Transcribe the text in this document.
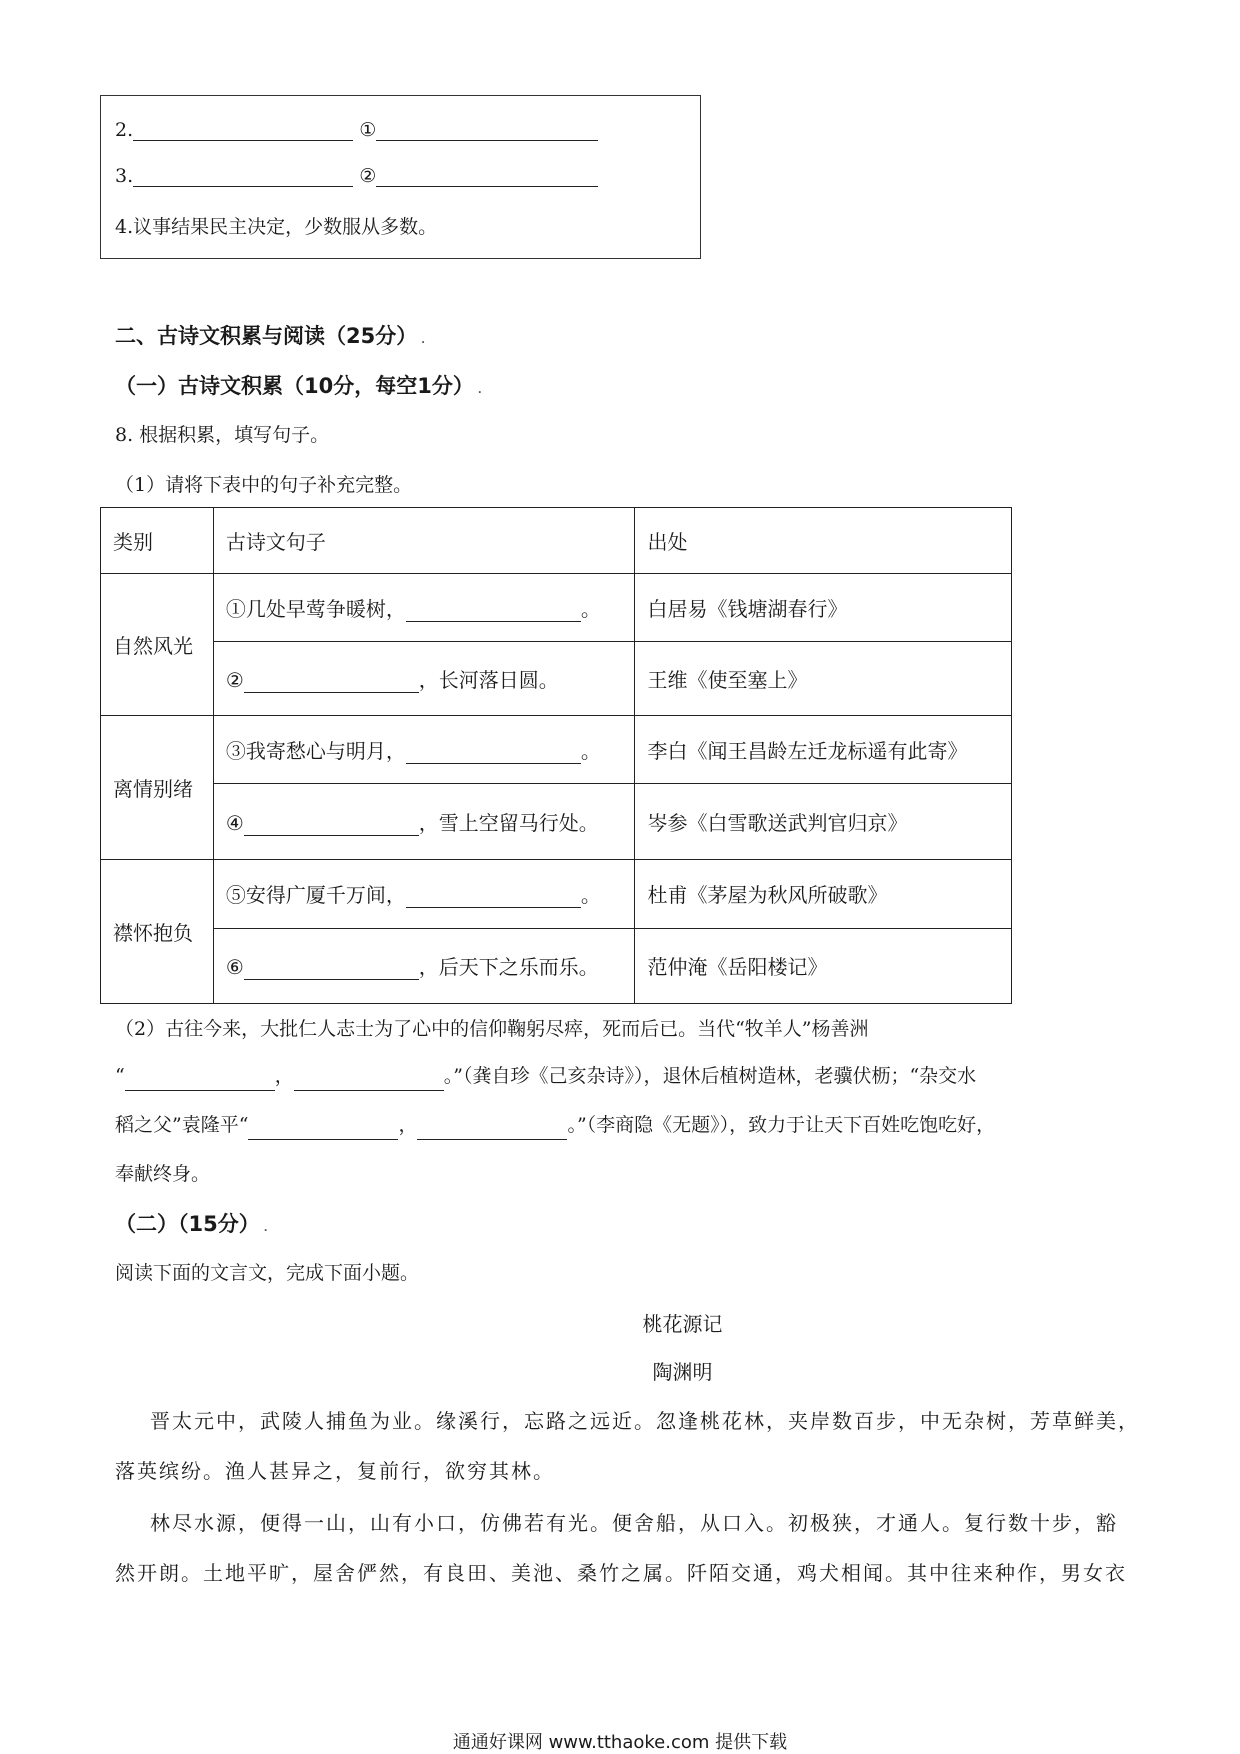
2.	①
3.	②
4.议事结果民主决定，少数服从多数。
二、古诗文积累与阅读（25分） .
（一）古诗文积累（10分，每空1分） .
8. 根据积累，填写句子。
（1）请将下表中的句子补充完整。
类别	古诗文句子	出处
自然风光	①几处早莺争暖树， 。	白居易《钱塘湖春行》
	② ，长河落日圆。	王维《使至塞上》
离情别绪	③我寄愁心与明月， 。	李白《闻王昌龄左迁龙标遥有此寄》
	④ ，雪上空留马行处。	岑参《白雪歌送武判官归京》
襟怀抱负	⑤安得广厦千万间， 。	杜甫《茅屋为秋风所破歌》
	⑥ ，后天下之乐而乐。	范仲淹《岳阳楼记》
（2）古往今来，大批仁人志士为了心中的信仰鞠躬尽瘁，死而后已。当代“牧羊人”杨善洲
“	，	。”（龚自珍《己亥杂诗》），退休后植树造林，老骥伏枥；“杂交水
稻之父”袁隆平“	，	。”（李商隐《无题》），致力于让天下百姓吃饱吃好，
奉献终身。
（二）（15分） .
阅读下面的文言文，完成下面小题。
桃花源记
陶渊明
晋太元中，武陵人捕鱼为业。缘溪行，忘路之远近。忽逢桃花林，夹岸数百步，中无杂树，芳草鲜美，
落英缤纷。渔人甚异之，复前行，欲穷其林。
林尽水源，便得一山，山有小口，仿佛若有光。便舍船，从口入。初极狭，才通人。复行数十步，豁
然开朗。土地平旷，屋舍俨然，有良田、美池、桑竹之属。阡陌交通，鸡犬相闻。其中往来种作，男女衣
通通好课网 www.tthaoke.com 提供下载
